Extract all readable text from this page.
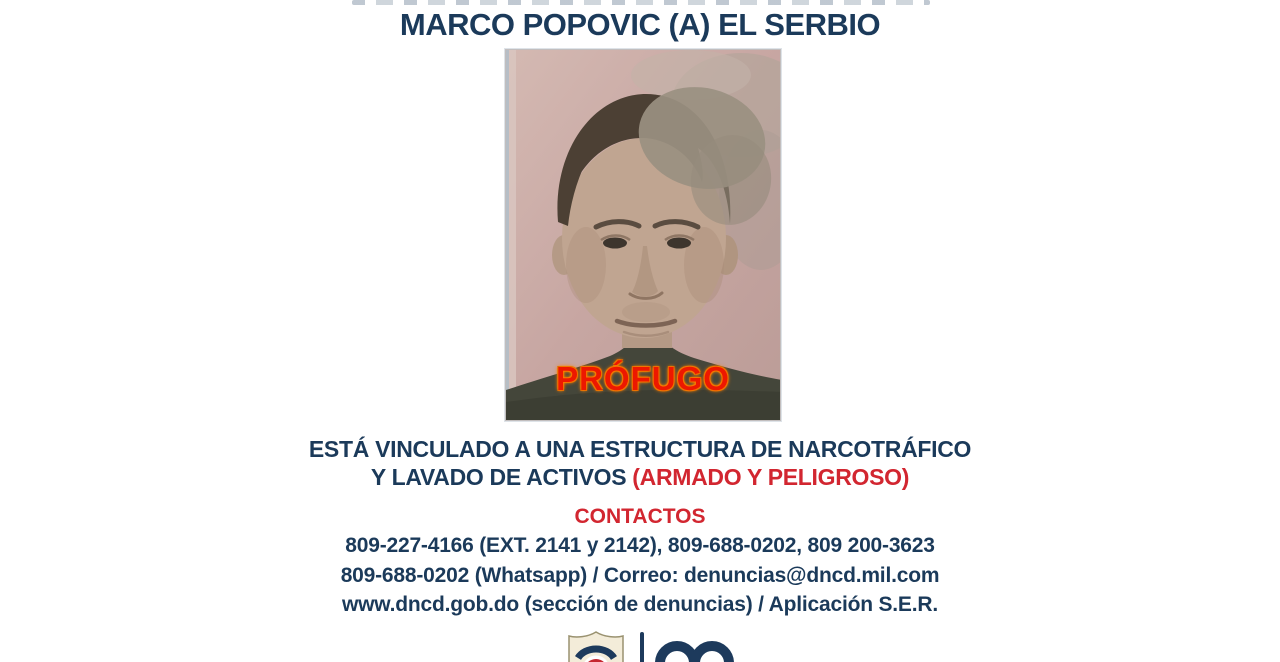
MARCO POPOVIC (A) EL SERBIO
PRÓFUGO
ESTÁ VINCULADO A UNA ESTRUCTURA DE NARCOTRÁFICO
Y LAVADO DE ACTIVOS (ARMADO Y PELIGROSO)
CONTACTOS
809-227-4166 (EXT. 2141 y 2142), 809-688-0202, 809 200-3623
809-688-0202 (Whatsapp) / Correo: denuncias@dncd.mil.com
www.dncd.gob.do (sección de denuncias) / Aplicación S.E.R.
